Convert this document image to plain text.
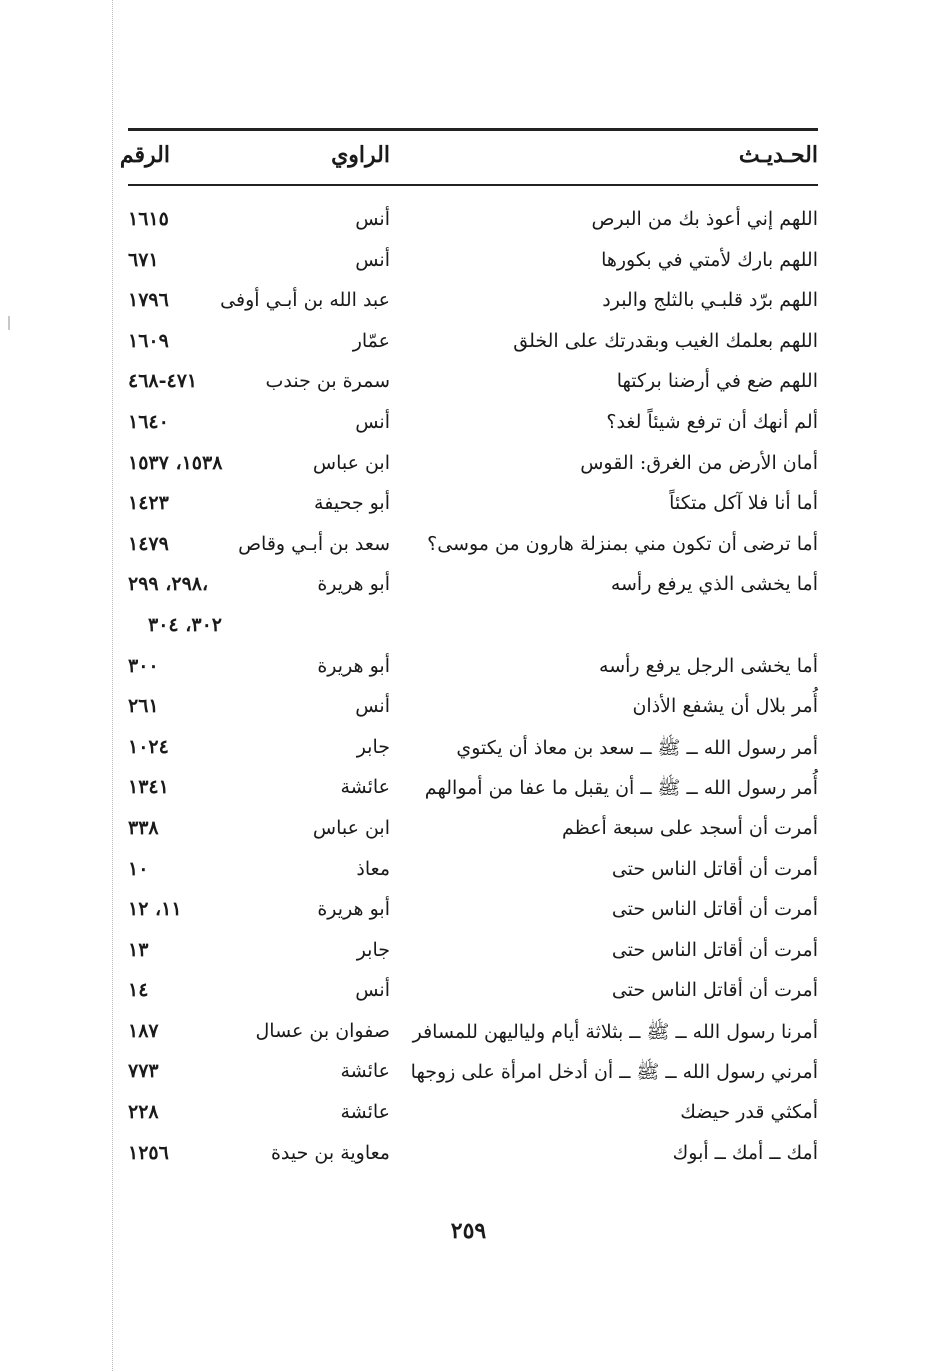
الحـديـث
الراوي
الرقم
اللهم إني أعوذ بك من البرص
أنس
١٦١٥
اللهم بارك لأمتي في بكورها
أنس
٦٧١
اللهم برّد قلبـي بالثلج والبرد
عبد الله بن أبـي أوفى
١٧٩٦
اللهم بعلمك الغيب وبقدرتك على الخلق
عمّار
١٦٠٩
اللهم ضع في أرضنا بركتها
سمرة بن جندب
٤٧١-٤٦٨
ألم أنهك أن ترفع شيئاً لغد؟
أنس
١٦٤٠
أمان الأرض من الغرق: القوس
ابن عباس
١٥٣٨، ١٥٣٧
أما أنا فلا آكل متكئاً
أبو جحيفة
١٤٢٣
أما ترضى أن تكون مني بمنزلة هارون من موسى؟
سعد بن أبـي وقاص
١٤٧٩
أما يخشى الذي يرفع رأسه
أبو هريرة
٢٩٨، ٢٩٩،
٣٠٢، ٣٠٤
أما يخشى الرجل يرفع رأسه
أبو هريرة
٣٠٠
أُمر بلال أن يشفع الأذان
أنس
٢٦١
أمر رسول الله ــ ﷺ ــ سعد بن معاذ أن يكتوي
جابر
١٠٢٤
أُمر رسول الله ــ ﷺ ــ أن يقبل ما عفا من أموالهم
عائشة
١٣٤١
أمرت أن أسجد على سبعة أعظم
ابن عباس
٣٣٨
أمرت أن أقاتل الناس حتى
معاذ
١٠
أمرت أن أقاتل الناس حتى
أبو هريرة
١١، ١٢
أمرت أن أقاتل الناس حتى
جابر
١٣
أمرت أن أقاتل الناس حتى
أنس
١٤
أمرنا رسول الله ــ ﷺ ــ بثلاثة أيام ولياليهن للمسافر
صفوان بن عسال
١٨٧
أمرني رسول الله ــ ﷺ ــ أن أدخل امرأة على زوجها
عائشة
٧٧٣
أمكثي قدر حيضك
عائشة
٢٢٨
أمك ــ أمك ــ أبوك
معاوية بن حيدة
١٢٥٦
٢٥٩
